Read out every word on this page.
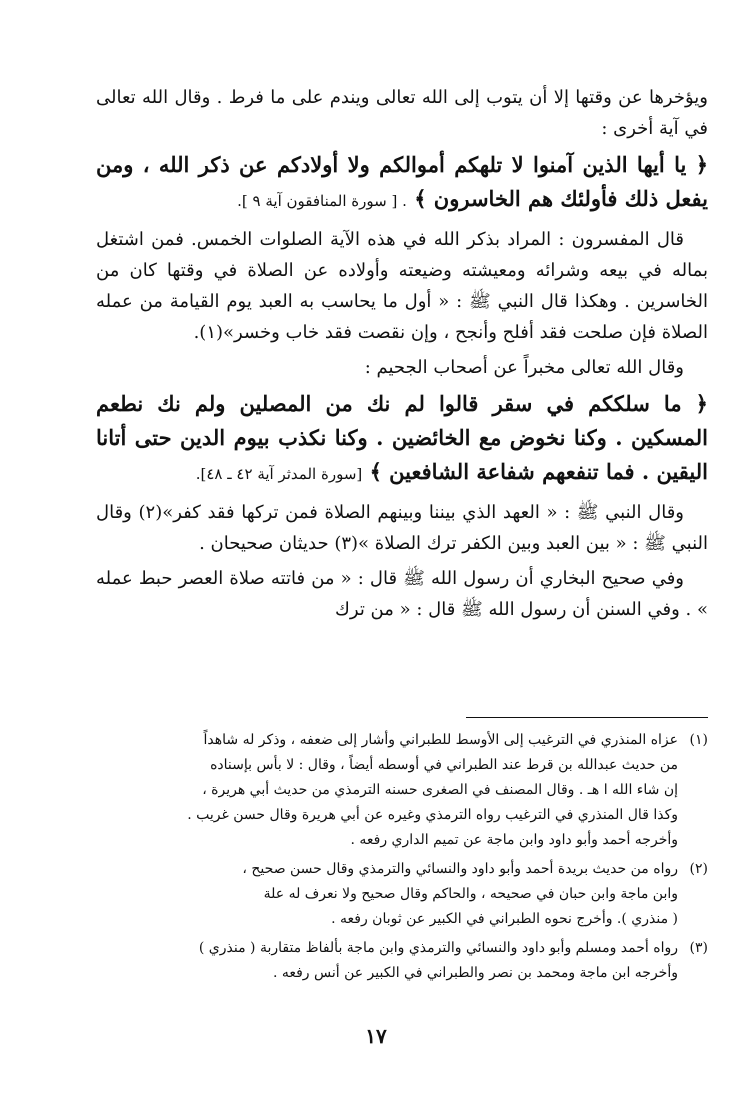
ويؤخرها عن وقتها إلا أن يتوب إلى الله تعالى ويندم على ما فرط . وقال الله تعالى في آية أخرى :

﴿ يا أيها الذين آمنوا لا تلهكم أموالكم ولا أولادكم عن ذكر الله ، ومن يفعل ذلك فأولئك هم الخاسرون ﴾ . [ سورة المنافقون آية ٩ ].

قال المفسرون : المراد بذكر الله في هذه الآية الصلوات الخمس. فمن اشتغل بماله في بيعه وشرائه ومعيشته وضيعته وأولاده عن الصلاة في وقتها كان من الخاسرين . وهكذا قال النبي ﷺ : « أول ما يحاسب به العبد يوم القيامة من عمله الصلاة فإن صلحت فقد أفلح وأنجح ، وإن نقصت فقد خاب وخسر»(١).

وقال الله تعالى مخبراً عن أصحاب الجحيم :

﴿ ما سلككم في سقر قالوا لم نك من المصلين ولم نك نطعم المسكين . وكنا نخوض مع الخائضين . وكنا نكذب بيوم الدين حتى أتانا اليقين . فما تنفعهم شفاعة الشافعين ﴾ [سورة المدثر آية ٤٢ ـ ٤٨].

وقال النبي ﷺ : « العهد الذي بيننا وبينهم الصلاة فمن تركها فقد كفر»(٢) وقال النبي ﷺ : « بين العبد وبين الكفر ترك الصلاة »(٣) حديثان صحيحان .

وفي صحيح البخاري أن رسول الله ﷺ قال : « من فاتته صلاة العصر حبط عمله » . وفي السنن أن رسول الله ﷺ قال : « من ترك

(١)
عزاه المنذري في الترغيب إلى الأوسط للطبراني وأشار إلى ضعفه ، وذكر له شاهداً
من حديث عبدالله بن قرط عند الطبراني في أوسطه أيضاً ، وقال : لا بأس بإسناده
إن شاء الله ا هـ . وقال المصنف في الصغرى حسنه الترمذي من حديث أبي هريرة ،
وكذا قال المنذري في الترغيب رواه الترمذي وغيره عن أبي هريرة وقال حسن غريب .
وأخرجه أحمد وأبو داود وابن ماجة عن تميم الداري رفعه .
(٢)
رواه من حديث بريدة أحمد وأبو داود والنسائي والترمذي وقال حسن صحيح ،
وابن ماجة وابن حبان في صحيحه ، والحاكم وقال صحيح ولا نعرف له علة
( منذري ). وأخرج نحوه الطبراني في الكبير عن ثوبان رفعه .
(٣)
رواه أحمد ومسلم وأبو داود والنسائي والترمذي وابن ماجة بألفاظ متقاربة ( منذري )
وأخرجه ابن ماجة ومحمد بن نصر والطبراني في الكبير عن أنس رفعه .
١٧
